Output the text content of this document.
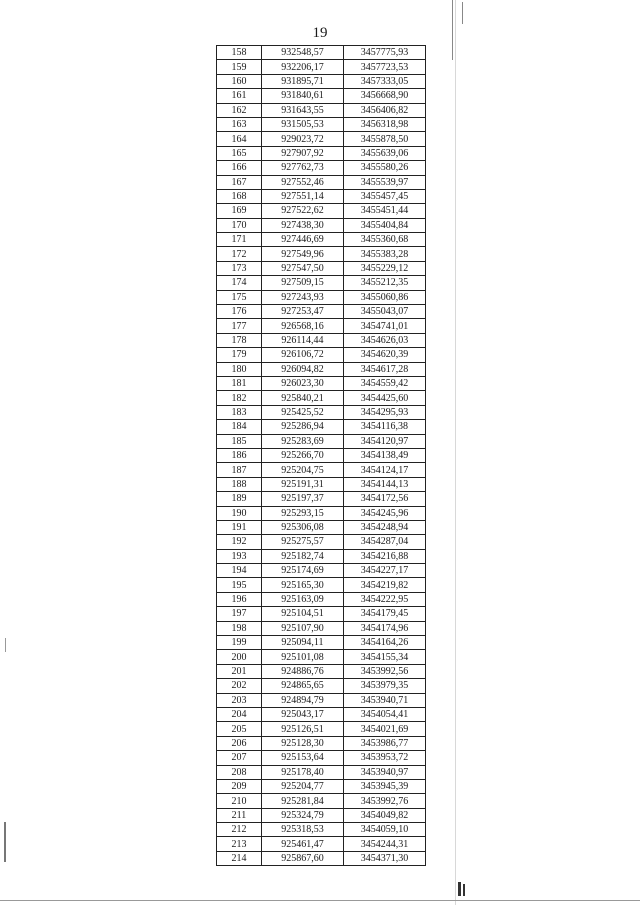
19
158	932548,57	3457775,93
159	932206,17	3457723,53
160	931895,71	3457333,05
161	931840,61	3456668,90
162	931643,55	3456406,82
163	931505,53	3456318,98
164	929023,72	3455878,50
165	927907,92	3455639,06
166	927762,73	3455580,26
167	927552,46	3455539,97
168	927551,14	3455457,45
169	927522,62	3455451,44
170	927438,30	3455404,84
171	927446,69	3455360,68
172	927549,96	3455383,28
173	927547,50	3455229,12
174	927509,15	3455212,35
175	927243,93	3455060,86
176	927253,47	3455043,07
177	926568,16	3454741,01
178	926114,44	3454626,03
179	926106,72	3454620,39
180	926094,82	3454617,28
181	926023,30	3454559,42
182	925840,21	3454425,60
183	925425,52	3454295,93
184	925286,94	3454116,38
185	925283,69	3454120,97
186	925266,70	3454138,49
187	925204,75	3454124,17
188	925191,31	3454144,13
189	925197,37	3454172,56
190	925293,15	3454245,96
191	925306,08	3454248,94
192	925275,57	3454287,04
193	925182,74	3454216,88
194	925174,69	3454227,17
195	925165,30	3454219,82
196	925163,09	3454222,95
197	925104,51	3454179,45
198	925107,90	3454174,96
199	925094,11	3454164,26
200	925101,08	3454155,34
201	924886,76	3453992,56
202	924865,65	3453979,35
203	924894,79	3453940,71
204	925043,17	3454054,41
205	925126,51	3454021,69
206	925128,30	3453986,77
207	925153,64	3453953,72
208	925178,40	3453940,97
209	925204,77	3453945,39
210	925281,84	3453992,76
211	925324,79	3454049,82
212	925318,53	3454059,10
213	925461,47	3454244,31
214	925867,60	3454371,30
